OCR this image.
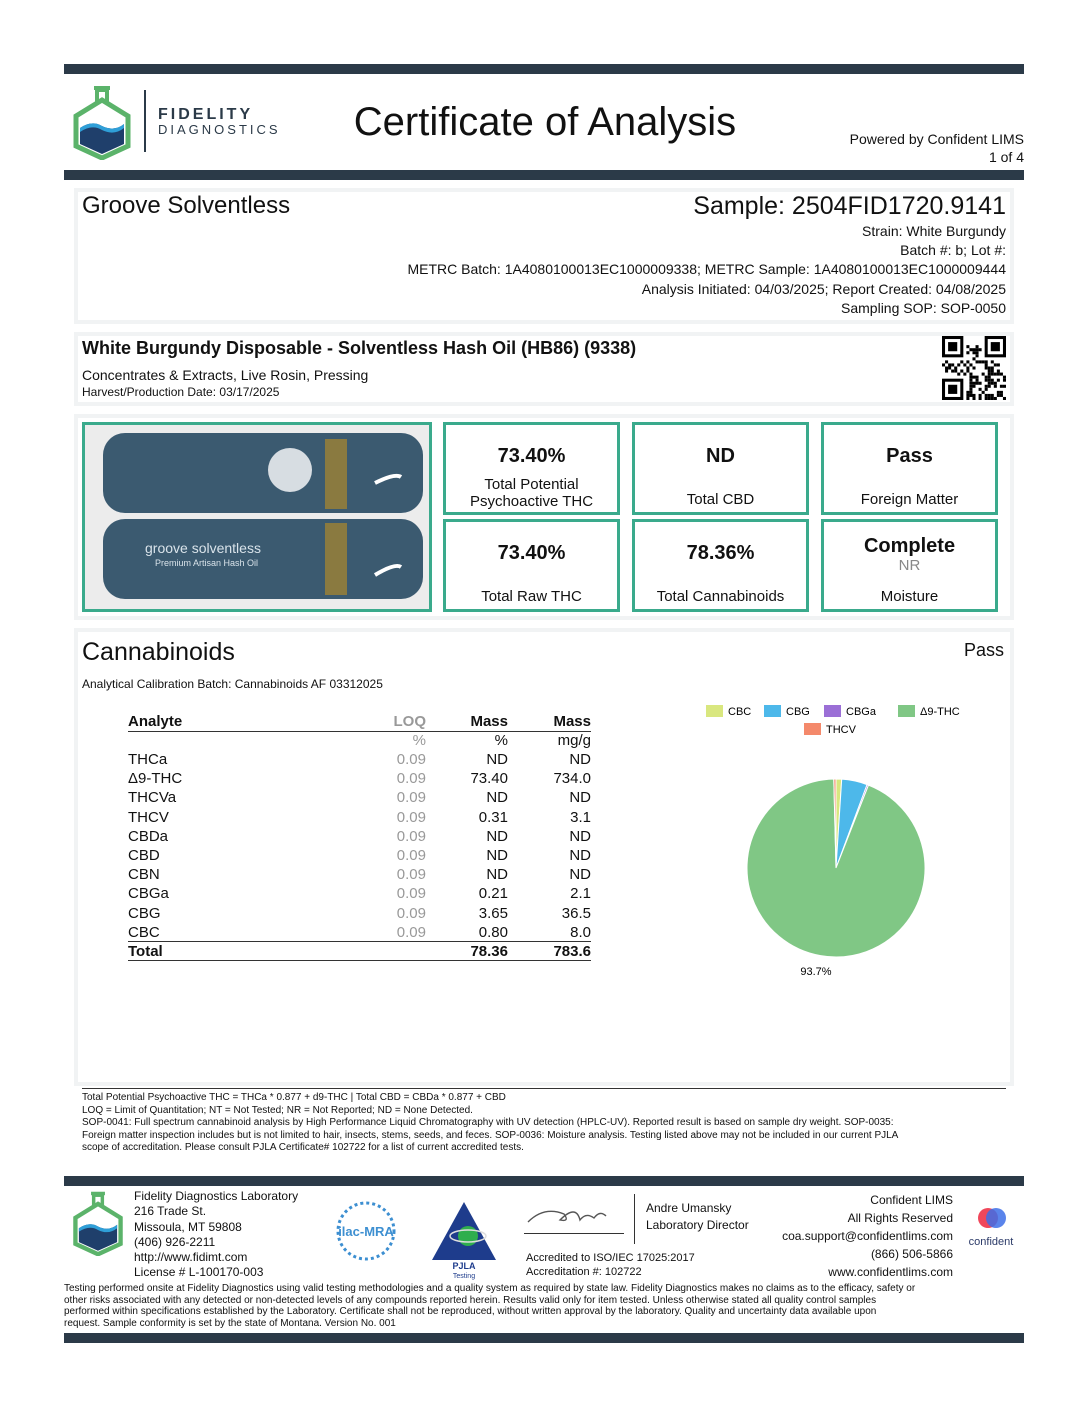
FIDELITY
DIAGNOSTICS	Certificate of Analysis	Powered by Confident LIMS
1 of 4
Groove Solventless	Sample: 2504FID1720.9141
Strain: White Burgundy
Batch #: b; Lot #:
METRC Batch: 1A4080100013EC1000009338; METRC Sample: 1A4080100013EC1000009444
Analysis Initiated: 04/03/2025; Report Created: 04/08/2025
Sampling SOP: SOP-0050
White Burgundy Disposable - Solventless Hash Oil (HB86) (9338)
Concentrates & Extracts, Live Rosin, Pressing
Harvest/Production Date: 03/17/2025
groove solventless
Premium Artisan Hash Oil
73.40%
Total Potential Psychoactive THC
ND
Total CBD
Pass
Foreign Matter
73.40%
Total Raw THC
78.36%
Total Cannabinoids
Complete
NR
Moisture
Cannabinoids	Pass
Analytical Calibration Batch: Cannabinoids AF 03312025
Analyte	LOQ	Mass	Mass
	%	%	mg/g
THCa	0.09	ND	ND
Δ9-THC	0.09	73.40	734.0
THCVa	0.09	ND	ND
THCV	0.09	0.31	3.1
CBDa	0.09	ND	ND
CBD	0.09	ND	ND
CBN	0.09	ND	ND
CBGa	0.09	0.21	2.1
CBG	0.09	3.65	36.5
CBC	0.09	0.80	8.0
Total		78.36	783.6
CBC	CBG	CBGa	Δ9-THC
THCV
93.7%
Total Potential Psychoactive THC = THCa * 0.877 + d9-THC | Total CBD = CBDa * 0.877 + CBD
LOQ = Limit of Quantitation; NT = Not Tested; NR = Not Reported; ND = None Detected.
SOP-0041: Full spectrum cannabinoid analysis by High Performance Liquid Chromatography with UV detection (HPLC-UV). Reported result is based on sample dry weight. SOP-0035:
Foreign matter inspection includes but is not limited to hair, insects, stems, seeds, and feces. SOP-0036: Moisture analysis. Testing listed above may not be included in our current PJLA
scope of accreditation. Please consult PJLA Certificate# 102722 for a list of current accredited tests.
Fidelity Diagnostics Laboratory
216 Trade St.
Missoula, MT 59808
(406) 926-2211
http://www.fidimt.com
License # L-100170-003
ilac-MRA
PJLA
Testing
Andre Umansky
Laboratory Director
Accredited to ISO/IEC 17025:2017
Accreditation #: 102722
Confident LIMS
All Rights Reserved
coa.support@confidentlims.com
(866) 506-5866
www.confidentlims.com
confident
Testing performed onsite at Fidelity Diagnostics using valid testing methodologies and a quality system as required by state law. Fidelity Diagnostics makes no claims as to the efficacy, safety or
other risks associated with any detected or non-detected levels of any compounds reported herein. Results valid only for item tested. Unless otherwise stated all quality control samples
performed within specifications established by the Laboratory. Certificate shall not be reproduced, without written approval by the laboratory. Quality and uncertainty data available upon
request. Sample conformity is set by the state of Montana. Version No. 001
